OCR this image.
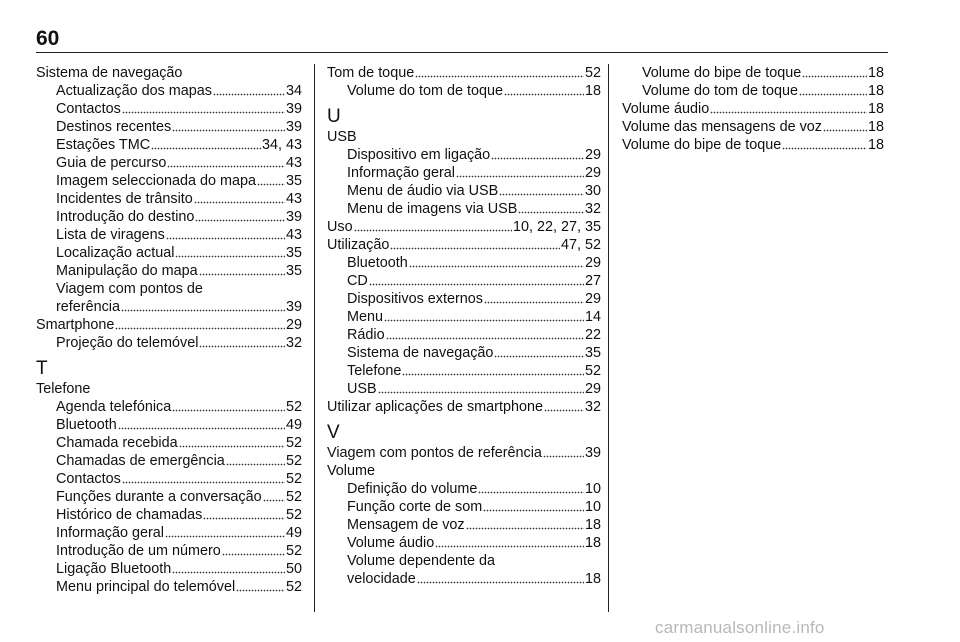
60
Sistema de navegação
Actualização dos mapas	34
Contactos	39
Destinos recentes	39
Estações TMC	34, 43
Guia de percurso	43
Imagem seleccionada do mapa 35
Incidentes de trânsito	43
Introdução do destino	39
Lista de viragens	43
Localização actual	35
Manipulação do mapa	35
Viagem com pontos de
referência	39
Smartphone	29
Projeção do telemóvel	32
T
Telefone
Agenda telefónica	52
Bluetooth	49
Chamada recebida	52
Chamadas de emergência	52
Contactos	52
Funções durante a conversação 52
Histórico de chamadas	52
Informação geral	49
Introdução de um número	52
Ligação Bluetooth	50
Menu principal do telemóvel	52
Tom de toque	52
Volume do tom de toque	18
U
USB
Dispositivo em ligação	29
Informação geral	29
Menu de áudio via USB	30
Menu de imagens via USB	32
Uso	10, 22, 27, 35
Utilização	47, 52
Bluetooth	29
CD	27
Dispositivos externos	29
Menu	14
Rádio	22
Sistema de navegação	35
Telefone	52
USB	29
Utilizar aplicações de smartphone	32
V
Viagem com pontos de referência	39
Volume
Definição do volume	10
Função corte de som	10
Mensagem de voz	18
Volume áudio	18
Volume dependente da
velocidade	18
Volume do bipe de toque	18
Volume do tom de toque	18
Volume áudio	18
Volume das mensagens de voz	18
Volume do bipe de toque	18
carmanualsonline.info
